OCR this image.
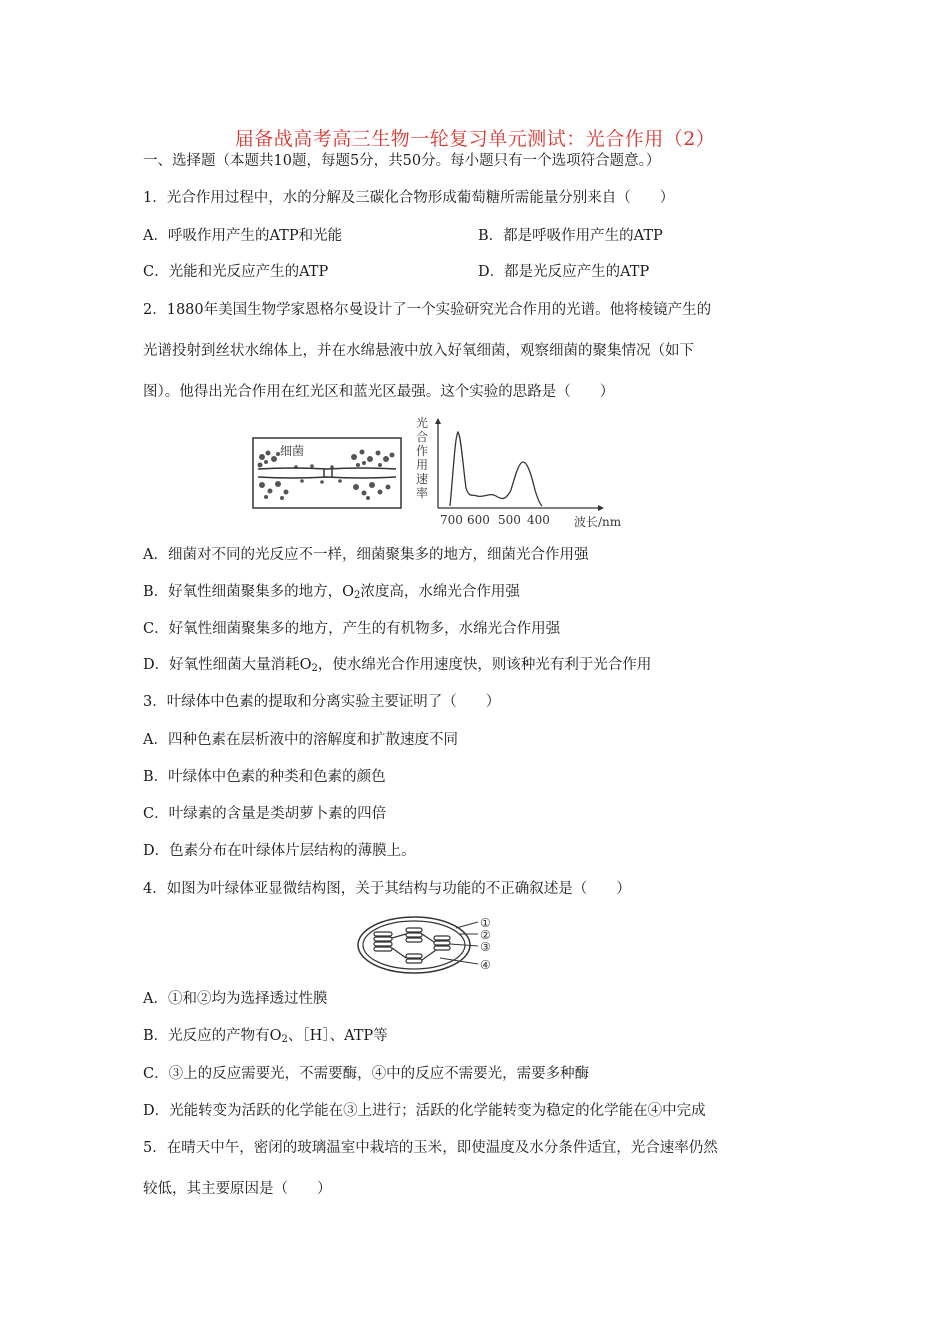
届备战高考高三生物一轮复习单元测试：光合作用（2）
一、选择题（本题共10题，每题5分，共50分。每小题只有一个选项符合题意。）
1．光合作用过程中，水的分解及三碳化合物形成葡萄糖所需能量分别来自（　　）
A．呼吸作用产生的ATP和光能	B．都是呼吸作用产生的ATP
C．光能和光反应产生的ATP	D．都是光反应产生的ATP
2．1880年美国生物学家恩格尔曼设计了一个实验研究光合作用的光谱。他将棱镜产生的
光谱投射到丝状水绵体上，并在水绵悬液中放入好氧细菌，观察细菌的聚集情况（如下
图）。他得出光合作用在红光区和蓝光区最强。这个实验的思路是（　　）
细菌
光
合
作
用
速
率
700 600 500 400 波长/nm
A．细菌对不同的光反应不一样，细菌聚集多的地方，细菌光合作用强
B．好氧性细菌聚集多的地方，$O_2$浓度高，水绵光合作用强
C．好氧性细菌聚集多的地方，产生的有机物多，水绵光合作用强
D．好氧性细菌大量消耗$O_2$，使水绵光合作用速度快，则该种光有利于光合作用
3．叶绿体中色素的提取和分离实验主要证明了（　　）
A．四种色素在层析液中的溶解度和扩散速度不同
B．叶绿体中色素的种类和色素的颜色
C．叶绿素的含量是类胡萝卜素的四倍
D．色素分布在叶绿体片层结构的薄膜上。
4．如图为叶绿体亚显微结构图，关于其结构与功能的不正确叙述是（　　）
①
②
③
④
A．①和②均为选择透过性膜
B．光反应的产物有$O_2$、［H］、ATP等
C．③上的反应需要光，不需要酶，④中的反应不需要光，需要多种酶
D．光能转变为活跃的化学能在③上进行；活跃的化学能转变为稳定的化学能在④中完成
5．在晴天中午，密闭的玻璃温室中栽培的玉米，即使温度及水分条件适宜，光合速率仍然
较低，其主要原因是（　　）
